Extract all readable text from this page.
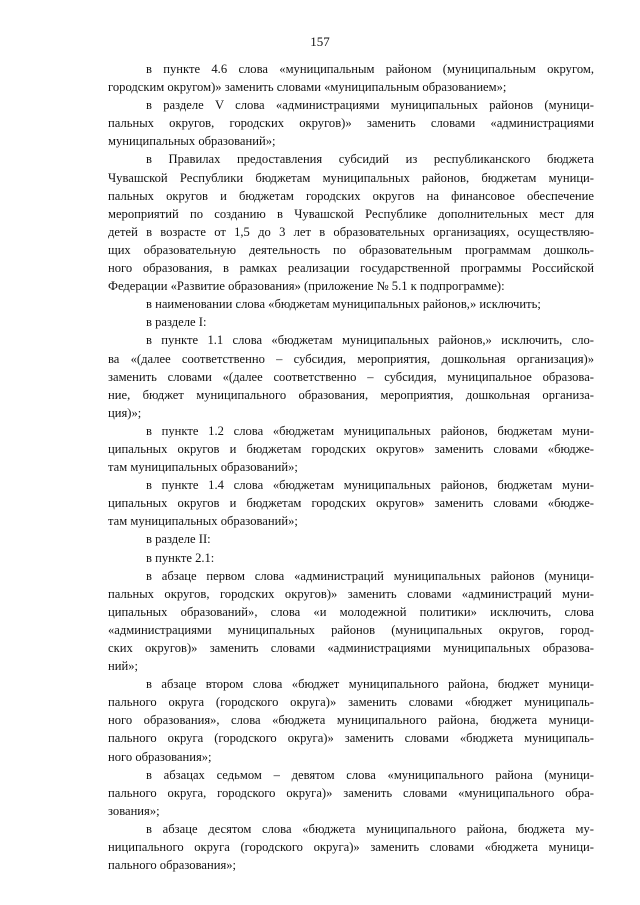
157
в пункте 4.6 слова «муниципальным районом (муниципальным округом,
городским округом)» заменить словами «муниципальным образованием»;
в разделе V слова «администрациями муниципальных районов (муници-
пальных округов, городских округов)» заменить словами «администрациями
муниципальных образований»;
в Правилах предоставления субсидий из республиканского бюджета
Чувашской Республики бюджетам муниципальных районов, бюджетам муници-
пальных округов и бюджетам городских округов на финансовое обеспечение
мероприятий по созданию в Чувашской Республике дополнительных мест для
детей в возрасте от 1,5 до 3 лет в образовательных организациях, осуществляю-
щих образовательную деятельность по образовательным программам дошколь-
ного образования, в рамках реализации государственной программы Российской
Федерации «Развитие образования» (приложение № 5.1 к подпрограмме):
в наименовании слова «бюджетам муниципальных районов,» исключить;
в разделе I:
в пункте 1.1 слова «бюджетам муниципальных районов,» исключить, сло-
ва «(далее соответственно – субсидия, мероприятия, дошкольная организация)»
заменить словами «(далее соответственно – субсидия, муниципальное образова-
ние, бюджет муниципального образования, мероприятия, дошкольная организа-
ция)»;
в пункте 1.2 слова «бюджетам муниципальных районов, бюджетам муни-
ципальных округов и бюджетам городских округов» заменить словами «бюдже-
там муниципальных образований»;
в пункте 1.4 слова «бюджетам муниципальных районов, бюджетам муни-
ципальных округов и бюджетам городских округов» заменить словами «бюдже-
там муниципальных образований»;
в разделе II:
в пункте 2.1:
в абзаце первом слова «администраций муниципальных районов (муници-
пальных округов, городских округов)» заменить словами «администраций муни-
ципальных образований», слова «и молодежной политики» исключить, слова
«администрациями муниципальных районов (муниципальных округов, город-
ских округов)» заменить словами «администрациями муниципальных образова-
ний»;
в абзаце втором слова «бюджет муниципального района, бюджет муници-
пального округа (городского округа)» заменить словами «бюджет муниципаль-
ного образования», слова «бюджета муниципального района, бюджета муници-
пального округа (городского округа)» заменить словами «бюджета муниципаль-
ного образования»;
в абзацах седьмом – девятом слова «муниципального района (муници-
пального округа, городского округа)» заменить словами «муниципального обра-
зования»;
в абзаце десятом слова «бюджета муниципального района, бюджета му-
ниципального округа (городского округа)» заменить словами «бюджета муници-
пального образования»;
